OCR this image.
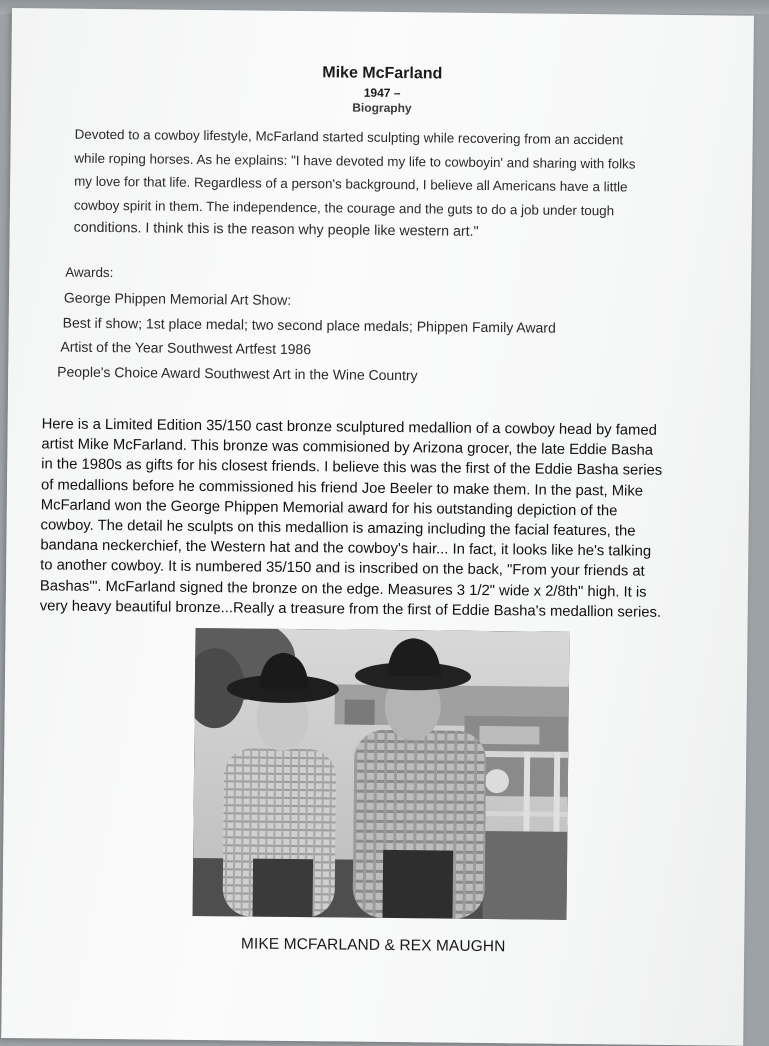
Mike McFarland
1947 –
Biography
Devoted to a cowboy lifestyle, McFarland started sculpting while recovering from an accident
while roping horses. As he explains: "I have devoted my life to cowboyin' and sharing with folks
my love for that life. Regardless of a person's background, I believe all Americans have a little
cowboy spirit in them. The independence, the courage and the guts to do a job under tough
conditions. I think this is the reason why people like western art."
Awards:
George Phippen Memorial Art Show:
Best if show; 1st place medal; two second place medals; Phippen Family Award
Artist of the Year Southwest Artfest 1986
People's Choice Award Southwest Art in the Wine Country
Here is a Limited Edition 35/150 cast bronze sculptured medallion of a cowboy head by famed
artist Mike McFarland. This bronze was commisioned by Arizona grocer, the late Eddie Basha
in the 1980s as gifts for his closest friends. I believe this was the first of the Eddie Basha series
of medallions before he commissioned his friend Joe Beeler to make them. In the past, Mike
McFarland won the George Phippen Memorial award for his outstanding depiction of the
cowboy. The detail he sculpts on this medallion is amazing including the facial features, the
bandana neckerchief, the Western hat and the cowboy's hair... In fact, it looks like he's talking
to another cowboy. It is numbered 35/150 and is inscribed on the back, "From your friends at
Bashas'". McFarland signed the bronze on the edge. Measures 3 1/2" wide x 2/8th" high. It is
very heavy beautiful bronze...Really a treasure from the first of Eddie Basha's medallion series.
MIKE MCFARLAND & REX MAUGHN
